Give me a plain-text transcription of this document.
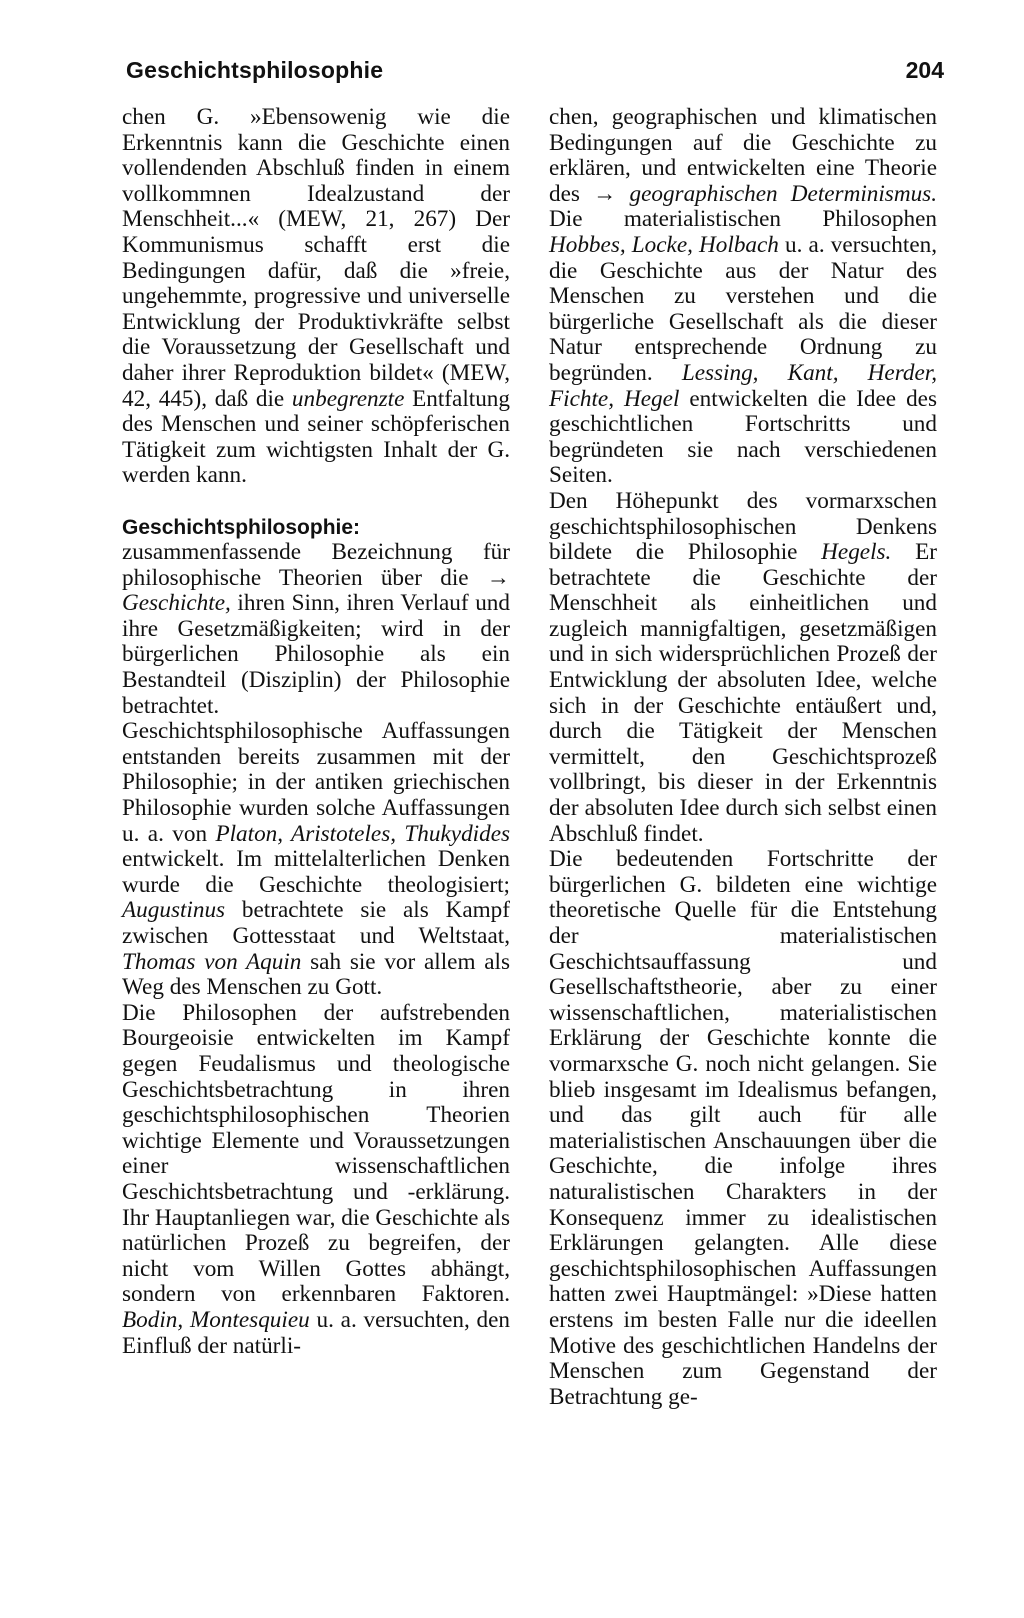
Geschichtsphilosophie	204

chen G. »Ebensowenig wie die Erkenntnis kann die Geschichte einen vollendenden Abschluß finden in einem vollkommnen Idealzustand der Menschheit...« (MEW, 21, 267) Der Kommunismus schafft erst die Bedingungen dafür, daß die »freie, ungehemmte, progressive und universelle Entwicklung der Produktivkräfte selbst die Voraussetzung der Gesellschaft und daher ihrer Reproduktion bildet« (MEW, 42, 445), daß die unbegrenzte Entfaltung des Menschen und seiner schöpferischen Tätigkeit zum wichtigsten Inhalt der G. werden kann.

Geschichtsphilosophie: zusammenfassende Bezeichnung für philosophische Theorien über die → Geschichte, ihren Sinn, ihren Verlauf und ihre Gesetzmäßigkeiten; wird in der bürgerlichen Philosophie als ein Bestandteil (Disziplin) der Philosophie betrachtet.

Geschichtsphilosophische Auffassungen entstanden bereits zusammen mit der Philosophie; in der antiken griechischen Philosophie wurden solche Auffassungen u. a. von Platon, Aristoteles, Thukydides entwickelt. Im mittelalterlichen Denken wurde die Geschichte theologisiert; Augustinus betrachtete sie als Kampf zwischen Gottesstaat und Weltstaat, Thomas von Aquin sah sie vor allem als Weg des Menschen zu Gott.

Die Philosophen der aufstrebenden Bourgeoisie entwickelten im Kampf gegen Feudalismus und theologische Geschichtsbetrachtung in ihren geschichtsphilosophischen Theorien wichtige Elemente und Voraussetzungen einer wissenschaftlichen Geschichtsbetrachtung und -erklärung. Ihr Hauptanliegen war, die Geschichte als natürlichen Prozeß zu begreifen, der nicht vom Willen Gottes abhängt, sondern von erkennbaren Faktoren. Bodin, Montesquieu u. a. versuchten, den Einfluß der natürli-

chen, geographischen und klimatischen Bedingungen auf die Geschichte zu erklären, und entwickelten eine Theorie des → geographischen Determinismus. Die materialistischen Philosophen Hobbes, Locke, Holbach u. a. versuchten, die Geschichte aus der Natur des Menschen zu verstehen und die bürgerliche Gesellschaft als die dieser Natur entsprechende Ordnung zu begründen. Lessing, Kant, Herder, Fichte, Hegel entwickelten die Idee des geschichtlichen Fortschritts und begründeten sie nach verschiedenen Seiten.

Den Höhepunkt des vormarxschen geschichtsphilosophischen Denkens bildete die Philosophie Hegels. Er betrachtete die Geschichte der Menschheit als einheitlichen und zugleich mannigfaltigen, gesetzmäßigen und in sich widersprüchlichen Prozeß der Entwicklung der absoluten Idee, welche sich in der Geschichte entäußert und, durch die Tätigkeit der Menschen vermittelt, den Geschichtsprozeß vollbringt, bis dieser in der Erkenntnis der absoluten Idee durch sich selbst einen Abschluß findet.

Die bedeutenden Fortschritte der bürgerlichen G. bildeten eine wichtige theoretische Quelle für die Entstehung der materialistischen Geschichtsauffassung und Gesellschaftstheorie, aber zu einer wissenschaftlichen, materialistischen Erklärung der Geschichte konnte die vormarxsche G. noch nicht gelangen. Sie blieb insgesamt im Idealismus befangen, und das gilt auch für alle materialistischen Anschauungen über die Geschichte, die infolge ihres naturalistischen Charakters in der Konsequenz immer zu idealistischen Erklärungen gelangten. Alle diese geschichtsphilosophischen Auffassungen hatten zwei Hauptmängel: »Diese hatten erstens im besten Falle nur die ideellen Motive des geschichtlichen Handelns der Menschen zum Gegenstand der Betrachtung ge-
